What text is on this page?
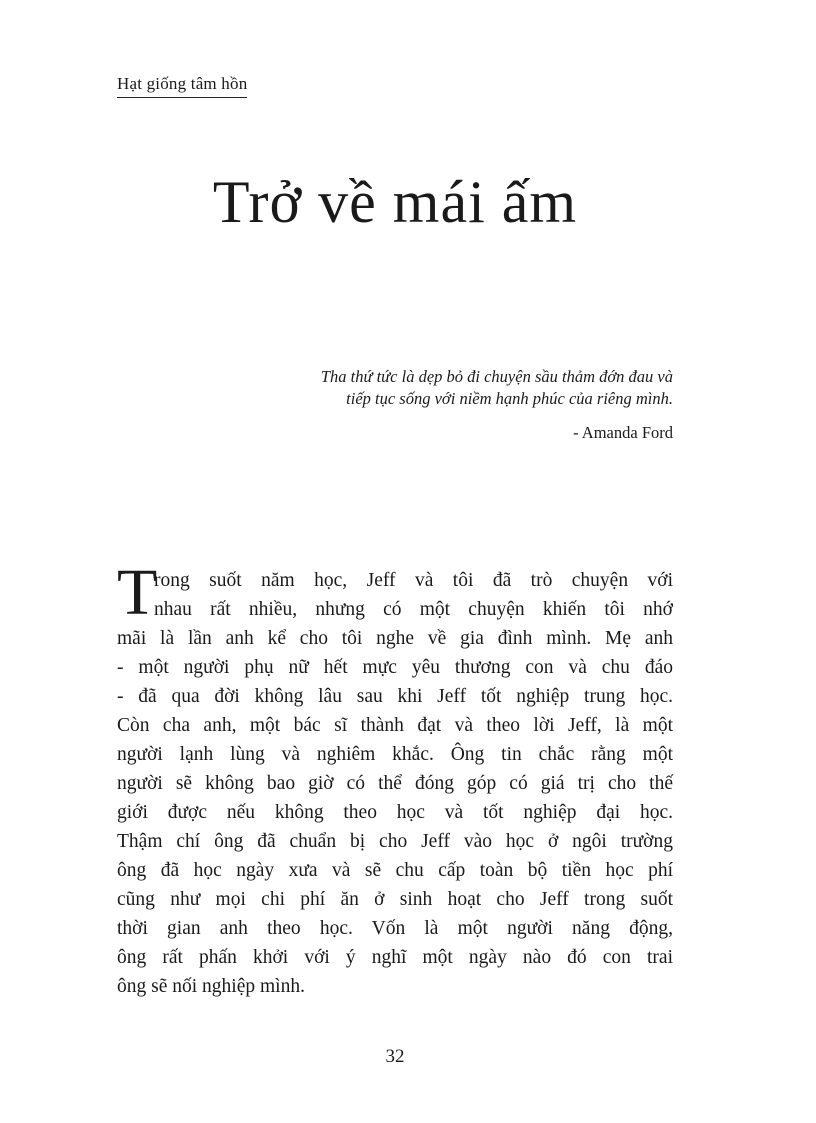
Hạt giống tâm hồn
Trở về mái ấm
Tha thứ tức là dẹp bỏ đi chuyện sầu thảm đớn đau và
tiếp tục sống với niềm hạnh phúc của riêng mình.
- Amanda Ford
T
rong suốt năm học, Jeff và tôi đã trò chuyện với
nhau rất nhiều, nhưng có một chuyện khiến tôi nhớ
mãi là lần anh kể cho tôi nghe về gia đình mình. Mẹ anh
- một người phụ nữ hết mực yêu thương con và chu đáo
- đã qua đời không lâu sau khi Jeff tốt nghiệp trung học.
Còn cha anh, một bác sĩ thành đạt và theo lời Jeff, là một
người lạnh lùng và nghiêm khắc. Ông tin chắc rằng một
người sẽ không bao giờ có thể đóng góp có giá trị cho thế
giới được nếu không theo học và tốt nghiệp đại học.
Thậm chí ông đã chuẩn bị cho Jeff vào học ở ngôi trường
ông đã học ngày xưa và sẽ chu cấp toàn bộ tiền học phí
cũng như mọi chi phí ăn ở sinh hoạt cho Jeff trong suốt
thời gian anh theo học. Vốn là một người năng động,
ông rất phấn khởi với ý nghĩ một ngày nào đó con trai
ông sẽ nối nghiệp mình.
32
